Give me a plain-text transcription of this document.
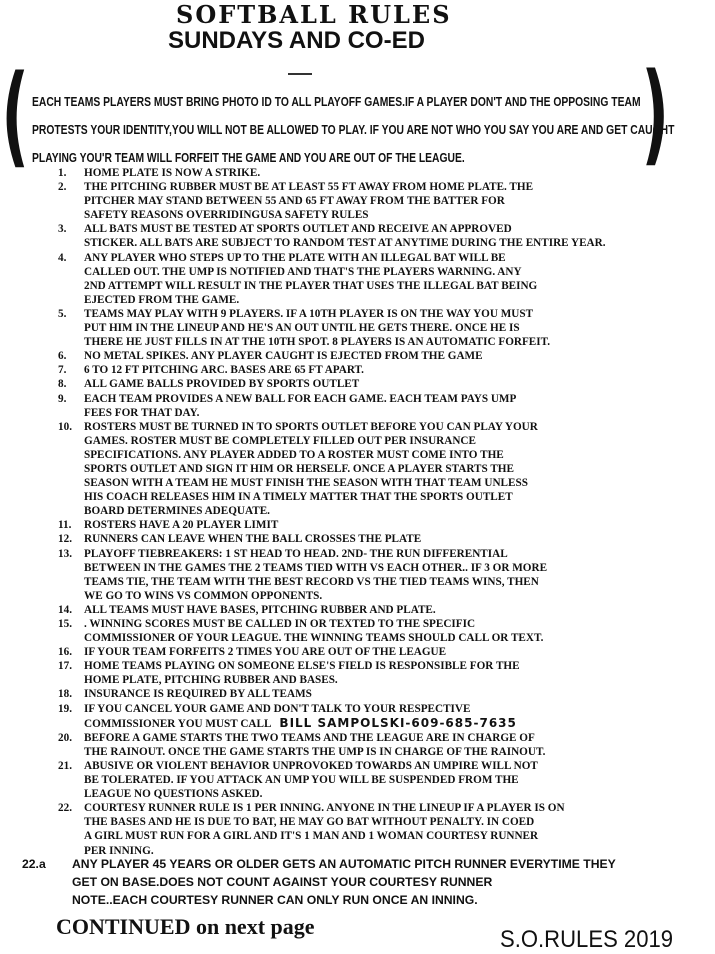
SOFTBALL RULES
SUNDAYS AND CO-ED
(	)

EACH TEAMS PLAYERS MUST BRING PHOTO ID TO ALL PLAYOFF GAMES.IF A PLAYER DON'T AND THE OPPOSING TEAM

PROTESTS YOUR IDENTITY,YOU WILL NOT BE ALLOWED TO PLAY. IF YOU ARE NOT WHO YOU SAY YOU ARE AND GET CAUGHT

PLAYING YOU'R TEAM WILL FORFEIT THE GAME AND YOU ARE OUT OF THE LEAGUE.

1.	HOME PLATE IS NOW A STRIKE.
2.	THE PITCHING RUBBER MUST BE AT LEAST 55 FT AWAY FROM HOME PLATE. THE
PITCHER MAY STAND BETWEEN 55 AND 65 FT AWAY FROM THE BATTER FOR
SAFETY REASONS OVERRIDINGUSA SAFETY RULES
3.	ALL BATS MUST BE TESTED AT SPORTS OUTLET AND RECEIVE AN APPROVED
STICKER. ALL BATS ARE SUBJECT TO RANDOM TEST AT ANYTIME DURING THE ENTIRE YEAR.
4.	ANY PLAYER WHO STEPS UP TO THE PLATE WITH AN ILLEGAL BAT WILL BE
CALLED OUT. THE UMP IS NOTIFIED AND THAT'S THE PLAYERS WARNING. ANY
2ND ATTEMPT WILL RESULT IN THE PLAYER THAT USES THE ILLEGAL BAT BEING
EJECTED FROM THE GAME.
5.	TEAMS MAY PLAY WITH 9 PLAYERS. IF A 10TH PLAYER IS ON THE WAY YOU MUST
PUT HIM IN THE LINEUP AND HE'S AN OUT UNTIL HE GETS THERE. ONCE HE IS
THERE HE JUST FILLS IN AT THE 10TH SPOT. 8 PLAYERS IS AN AUTOMATIC FORFEIT.
6.	NO METAL SPIKES. ANY PLAYER CAUGHT IS EJECTED FROM THE GAME
7.	6 TO 12 FT PITCHING ARC. BASES ARE 65 FT APART.
8.	ALL GAME BALLS PROVIDED BY SPORTS OUTLET
9.	EACH TEAM PROVIDES A NEW BALL FOR EACH GAME. EACH TEAM PAYS UMP
FEES FOR THAT DAY.
10.	ROSTERS MUST BE TURNED IN TO SPORTS OUTLET BEFORE YOU CAN PLAY YOUR
GAMES. ROSTER MUST BE COMPLETELY FILLED OUT PER INSURANCE
SPECIFICATIONS. ANY PLAYER ADDED TO A ROSTER MUST COME INTO THE
SPORTS OUTLET AND SIGN IT HIM OR HERSELF. ONCE A PLAYER STARTS THE
SEASON WITH A TEAM HE MUST FINISH THE SEASON WITH THAT TEAM UNLESS
HIS COACH RELEASES HIM IN A TIMELY MATTER THAT THE SPORTS OUTLET
BOARD DETERMINES ADEQUATE.
11.	ROSTERS HAVE A 20 PLAYER LIMIT
12.	RUNNERS CAN LEAVE WHEN THE BALL CROSSES THE PLATE
13.	PLAYOFF TIEBREAKERS: 1 ST HEAD TO HEAD. 2ND- THE RUN DIFFERENTIAL
BETWEEN IN THE GAMES THE 2 TEAMS TIED WITH VS EACH OTHER.. IF 3 OR MORE
TEAMS TIE, THE TEAM WITH THE BEST RECORD VS THE TIED TEAMS WINS, THEN
WE GO TO WINS VS COMMON OPPONENTS.
14.	ALL TEAMS MUST HAVE BASES, PITCHING RUBBER AND PLATE.
15.	. WINNING SCORES MUST BE CALLED IN OR TEXTED TO THE SPECIFIC
COMMISSIONER OF YOUR LEAGUE. THE WINNING TEAMS SHOULD CALL OR TEXT.
16.	IF YOUR TEAM FORFEITS 2 TIMES YOU ARE OUT OF THE LEAGUE
17.	HOME TEAMS PLAYING ON SOMEONE ELSE'S FIELD IS RESPONSIBLE FOR THE
HOME PLATE, PITCHING RUBBER AND BASES.
18.	INSURANCE IS REQUIRED BY ALL TEAMS
19.	IF YOU CANCEL YOUR GAME AND DON'T TALK TO YOUR RESPECTIVE
COMMISSIONER YOU MUST CALL BILL SAMPOLSKI-609-685-7635
20.	BEFORE A GAME STARTS THE TWO TEAMS AND THE LEAGUE ARE IN CHARGE OF
THE RAINOUT. ONCE THE GAME STARTS THE UMP IS IN CHARGE OF THE RAINOUT.
21.	ABUSIVE OR VIOLENT BEHAVIOR UNPROVOKED TOWARDS AN UMPIRE WILL NOT
BE TOLERATED. IF YOU ATTACK AN UMP YOU WILL BE SUSPENDED FROM THE
LEAGUE NO QUESTIONS ASKED.
22.	COURTESY RUNNER RULE IS 1 PER INNING. ANYONE IN THE LINEUP IF A PLAYER IS ON
THE BASES AND HE IS DUE TO BAT, HE MAY GO BAT WITHOUT PENALTY. IN COED
A GIRL MUST RUN FOR A GIRL AND IT'S 1 MAN AND 1 WOMAN COURTESY RUNNER
PER INNING.
22.a ANY PLAYER 45 YEARS OR OLDER GETS AN AUTOMATIC PITCH RUNNER EVERYTIME THEY

GET ON BASE.DOES NOT COUNT AGAINST YOUR COURTESY RUNNER

NOTE..EACH COURTESY RUNNER CAN ONLY RUN ONCE AN INNING.

CONTINUED on next page	S.O.RULES 2019
